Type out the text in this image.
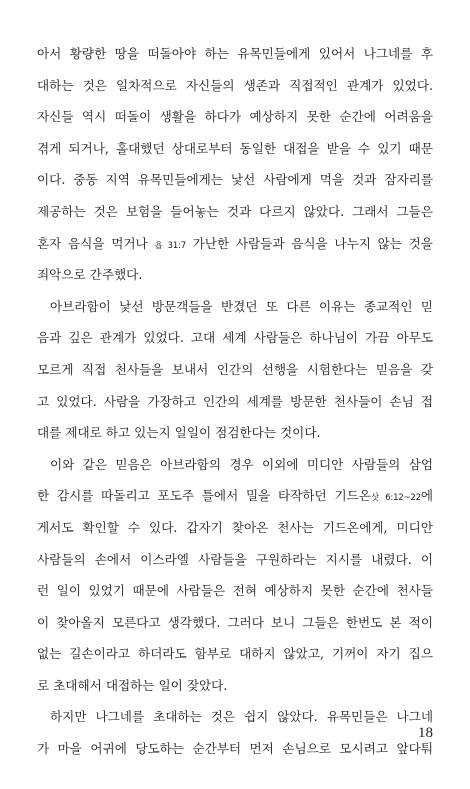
아서 황량한 땅을 떠돌아야 하는 유목민들에게 있어서 나그네를 후
대하는 것은 일차적으로 자신들의 생존과 직접적인 관계가 있었다.
자신들 역시 떠돌이 생활을 하다가 예상하지 못한 순간에 어려움을
겪게 되거나, 홀대했던 상대로부터 동일한 대접을 받을 수 있기 때문
이다. 중동 지역 유목민들에게는 낯선 사람에게 먹을 것과 잠자리를
제공하는 것은 보험을 들어놓는 것과 다르지 않았다. 그래서 그들은
혼자 음식을 먹거나 욥 31:7 가난한 사람들과 음식을 나누지 않는 것을
죄악으로 간주했다.
아브라함이 낯선 방문객들을 반겼던 또 다른 이유는 종교적인 믿
음과 깊은 관계가 있었다. 고대 세계 사람들은 하나님이 가끔 아무도
모르게 직접 천사들을 보내서 인간의 선행을 시험한다는 믿음을 갖
고 있었다. 사람을 가장하고 인간의 세계를 방문한 천사들이 손님 접
대를 제대로 하고 있는지 일일이 점검한다는 것이다.
이와 같은 믿음은 아브라함의 경우 이외에 미디안 사람들의 삼엄
한 감시를 따돌리고 포도주 틀에서 밀을 타작하던 기드온삿 6:12~22에
게서도 확인할 수 있다. 갑자기 찾아온 천사는 기드온에게, 미디안
사람들의 손에서 이스라엘 사람들을 구원하라는 지시를 내렸다. 이
런 일이 있었기 때문에 사람들은 전혀 예상하지 못한 순간에 천사들
이 찾아올지 모른다고 생각했다. 그러다 보니 그들은 한번도 본 적이
없는 길손이라고 하더라도 함부로 대하지 않았고, 기꺼이 자기 집으
로 초대해서 대접하는 일이 잦았다.
하지만 나그네를 초대하는 것은 쉽지 않았다. 유목민들은 나그네
가 마을 어귀에 당도하는 순간부터 먼저 손님으로 모시려고 앞다퉈
18
